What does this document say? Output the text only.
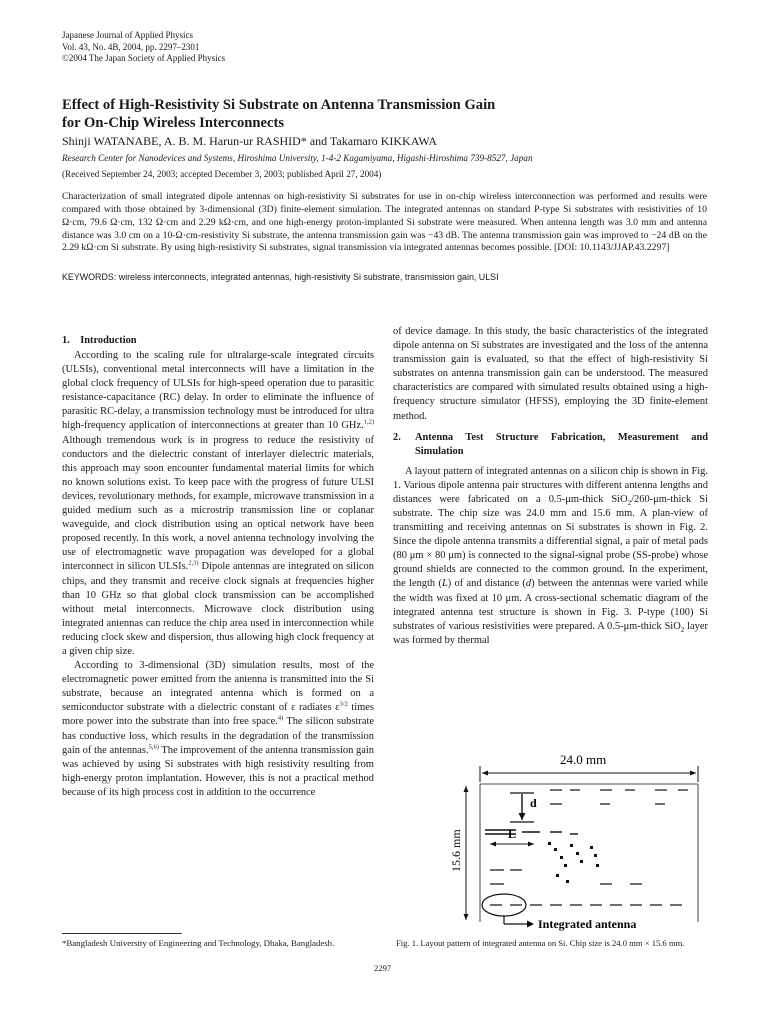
Japanese Journal of Applied Physics
Vol. 43, No. 4B, 2004, pp. 2297–2301
©2004 The Japan Society of Applied Physics
Effect of High-Resistivity Si Substrate on Antenna Transmission Gain
for On-Chip Wireless Interconnects
Shinji WATANABE, A. B. M. Harun-ur RASHID* and Takamaro KIKKAWA
Research Center for Nanodevices and Systems, Hiroshima University, 1-4-2 Kagamiyama, Higashi-Hiroshima 739-8527, Japan
(Received September 24, 2003; accepted December 3, 2003; published April 27, 2004)
Characterization of small integrated dipole antennas on high-resistivity Si substrates for use in on-chip wireless interconnection was performed and results were compared with those obtained by 3-dimensional (3D) finite-element simulation. The integrated antennas on standard P-type Si substrates with resistivities of 10 Ω·cm, 79.6 Ω·cm, 132 Ω·cm and 2.29 kΩ·cm, and one high-energy proton-implanted Si substrate were measured. When antenna length was 3.0 mm and antenna distance was 3.0 cm on a 10-Ω·cm-resistivity Si substrate, the antenna transmission gain was −43 dB. The antenna transmission gain was improved to −24 dB on the 2.29 kΩ·cm Si substrate. By using high-resistivity Si substrates, signal transmission via integrated antennas becomes possible. [DOI: 10.1143/JJAP.43.2297]
KEYWORDS: wireless interconnects, integrated antennas, high-resistivity Si substrate, transmission gain, ULSI

1. Introduction

According to the scaling rule for ultralarge-scale integrated circuits (ULSIs), conventional metal interconnects will have a limitation in the global clock frequency of ULSIs for high-speed operation due to parasitic resistance-capacitance (RC) delay. In order to eliminate the influence of parasitic RC-delay, a transmission technology must be introduced for ultra high-frequency application of interconnections at greater than 10 GHz.$^{1,2)}$ Although tremendous work is in progress to reduce the resistivity of conductors and the dielectric constant of interlayer dielectric materials, this approach may soon encounter fundamental material limits for which no known solutions exist. To keep pace with the progress of future ULSI devices, revolutionary methods, for example, microwave transmission in a guided medium such as a microstrip transmission line or coplanar waveguide, and clock distribution using an optical network have been proposed recently. In this work, a novel antenna technology involving the use of electromagnetic wave propagation was developed for a global interconnect in silicon ULSIs.$^{2,3)}$ Dipole antennas are integrated on silicon chips, and they transmit and receive clock signals at frequencies higher than 10 GHz so that global clock transmission can be accomplished without metal interconnects. Microwave clock distribution using integrated antennas can reduce the chip area used in interconnection while reducing clock skew and dispersion, thus allowing high clock frequency at a given chip size.

According to 3-dimensional (3D) simulation results, most of the electromagnetic power emitted from the antenna is transmitted into the Si substrate, because an integrated antenna which is formed on a semiconductor substrate with a dielectric constant of ε radiates $\varepsilon^{3/2}$ times more power into the substrate than into free space.$^{4)}$ The silicon substrate has conductive loss, which results in the degradation of the transmission gain of the antennas.$^{5,6)}$ The improvement of the antenna transmission gain was achieved by using Si substrates with high resistivity resulting from high-energy proton implantation. However, this is not a practical method because of its high process cost in addition to the occurrence

of device damage. In this study, the basic characteristics of the integrated dipole antenna on Si substrates are investigated and the loss of the antenna transmission gain is evaluated, so that the effect of high-resistivity Si substrates on antenna transmission gain can be understood. The measured characteristics are compared with simulated results obtained using a high-frequency structure simulator (HFSS), employing the 3D finite-element method.

2.	Antenna Test Structure Fabrication, Measurement and Simulation

A layout pattern of integrated antennas on a silicon chip is shown in Fig. 1. Various dipole antenna pair structures with different antenna lengths and distances were fabricated on a 0.5-μm-thick SiO$_2$/260-μm-thick Si substrate. The chip size was 24.0 mm and 15.6 mm. A plan-view of transmitting and receiving antennas on Si substrates is shown in Fig. 2. Since the dipole antenna transmits a differential signal, a pair of metal pads (80 μm × 80 μm) is connected to the signal-signal probe (SS-probe) whose ground shields are connected to the common ground. In the experiment, the length (L) of and distance (d) between the antennas were varied while the width was fixed at 10 μm. A cross-sectional schematic diagram of the integrated antenna test structure is shown in Fig. 3. P-type (100) Si substrates of various resistivities were prepared. A 0.5-μm-thick SiO$_2$ layer was formed by thermal

24.0 mm
15.6 mm
d
L
Integrated antenna
*Bangladesh University of Engineering and Technology, Dhaka, Bangladesh.	Fig. 1. Layout pattern of integrated antenna on Si. Chip size is 24.0 mm × 15.6 mm.
2297
